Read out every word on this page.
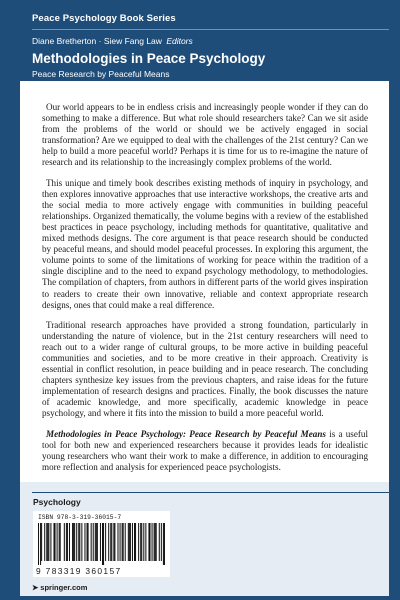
Peace Psychology Book Series
Diane Bretherton · Siew Fang Law Editors
Methodologies in Peace Psychology
Peace Research by Peaceful Means

Our world appears to be in endless crisis and increasingly people wonder if they can do something to make a difference. But what role should researchers take? Can we sit aside from the problems of the world or should we be actively engaged in social transformation? Are we equipped to deal with the challenges of the 21st century? Can we help to build a more peaceful world? Perhaps it is time for us to re-imagine the nature of research and its relationship to the increasingly complex problems of the world.

This unique and timely book describes existing methods of inquiry in psychology, and then explores innovative approaches that use interactive workshops, the creative arts and the social media to more actively engage with communities in building peaceful relationships. Organized thematically, the volume begins with a review of the established best practices in peace psychology, including methods for quantitative, qualitative and mixed methods designs. The core argument is that peace research should be conducted by peaceful means, and should model peaceful processes. In exploring this argument, the volume points to some of the limitations of working for peace within the tradition of a single discipline and to the need to expand psychology methodology, to methodologies. The compilation of chapters, from authors in different parts of the world gives inspiration to readers to create their own innovative, reliable and context appropriate research designs, ones that could make a real difference.

Traditional research approaches have provided a strong foundation, particularly in understanding the nature of violence, but in the 21st century researchers will need to reach out to a wider range of cultural groups, to be more active in building peaceful communities and societies, and to be more creative in their approach. Creativity is essential in conflict resolution, in peace building and in peace research. The concluding chapters synthesize key issues from the previous chapters, and raise ideas for the future implementation of research designs and practices. Finally, the book discusses the nature of academic knowledge, and more specifically, academic knowledge in peace psychology, and where it fits into the mission to build a more peaceful world.

Methodologies in Peace Psychology: Peace Research by Peaceful Means is a useful tool for both new and experienced researchers because it provides leads for idealistic young researchers who want their work to make a difference, in addition to encouraging more reflection and analysis for experienced peace psychologists.

Psychology
ISBN 978-3-319-36015-7
9 783319 360157
➤ springer.com
